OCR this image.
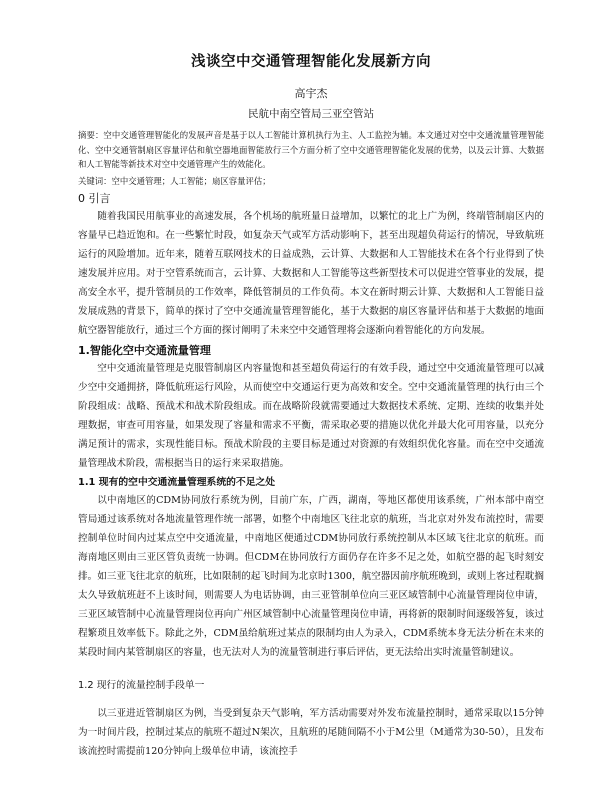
浅谈空中交通管理智能化发展新方向
高宇杰
民航中南空管局三亚空管站
摘要：空中交通管理智能化的发展声音是基于以人工智能计算机执行为主、人工监控为辅。本文通过对空中交通流量管理智能化、空中交通管制扇区容量评估和航空器地面智能放行三个方面分析了空中交通管理智能化发展的优势，以及云计算、大数据和人工智能等新技术对空中交通管理产生的效能化。
关键词：空中交通管理；人工智能；扇区容量评估；
0 引言

随着我国民用航事业的高速发展，各个机场的航班量日益增加，以繁忙的北上广为例，终端管制扇区内的容量早已趋近饱和。在一些繁忙时段，如复杂天气或军方活动影响下，甚至出现超负荷运行的情况，导致航班运行的风险增加。近年来，随着互联网技术的日益成熟，云计算、大数据和人工智能技术在各个行业得到了快速发展并应用。对于空管系统而言，云计算、大数据和人工智能等这些新型技术可以促进空管事业的发展，提高安全水平，提升管制员的工作效率，降低管制员的工作负荷。本文在新时期云计算、大数据和人工智能日益发展成熟的背景下，简单的探讨了空中交通流量管理智能化，基于大数据的扇区容量评估和基于大数据的地面航空器智能放行，通过三个方面的探讨阐明了未来空中交通管理将会逐渐向着智能化的方向发展。

1.智能化空中交通流量管理

空中交通流量管理是克服管制扇区内容量饱和甚至超负荷运行的有效手段，通过空中交通流量管理可以减少空中交通拥挤，降低航班运行风险，从而使空中交通运行更为高效和安全。空中交通流量管理的执行由三个阶段组成：战略、预战术和战术阶段组成。而在战略阶段就需要通过大数据技术系统、定期、连续的收集并处理数据，审查可用容量，如果发现了容量和需求不平衡，需采取必要的措施以优化并最大化可用容量，以充分满足预计的需求，实现性能目标。预战术阶段的主要目标是通过对资源的有效组织优化容量。而在空中交通流量管理战术阶段，需根据当日的运行来采取措施。

1.1 现有的空中交通流量管理系统的不足之处

以中南地区的CDM协同放行系统为例，目前广东，广西，湖南，等地区都使用该系统，广州本部中南空管局通过该系统对各地流量管理作统一部署，如整个中南地区飞往北京的航班，当北京对外发布流控时，需要控制单位时间内过某点空中交通流量，中南地区便通过CDM协同放行系统控制从本区域飞往北京的航班。而海南地区则由三亚区管负责统一协调。但CDM在协同放行方面仍存在许多不足之处，如航空器的起飞时刻安排。如三亚飞往北京的航班，比如限制的起飞时间为北京时1300，航空器因前序航班晚到，或则上客过程耽搁太久导致航班赶不上该时间，则需要人为电话协调，由三亚管制单位向三亚区域管制中心流量管理岗位申请，三亚区域管制中心流量管理岗位再向广州区域管制中心流量管理岗位申请，再将新的限制时间逐级答复，该过程繁琐且效率低下。除此之外，CDM虽给航班过某点的限制均由人为录入，CDM系统本身无法分析在未来的某段时间内某管制扇区的容量，也无法对人为的流量管制进行事后评估，更无法给出实时流量管制建议。

1.2 现行的流量控制手段单一

以三亚进近管制扇区为例，当受到复杂天气影响，军方活动需要对外发布流量控制时，通常采取以15分钟为一时间片段，控制过某点的航班不超过N架次，且航班的尾随间隔不小于M公里（M通常为30-50），且发布该流控时需提前120分钟向上级单位申请，该流控手
